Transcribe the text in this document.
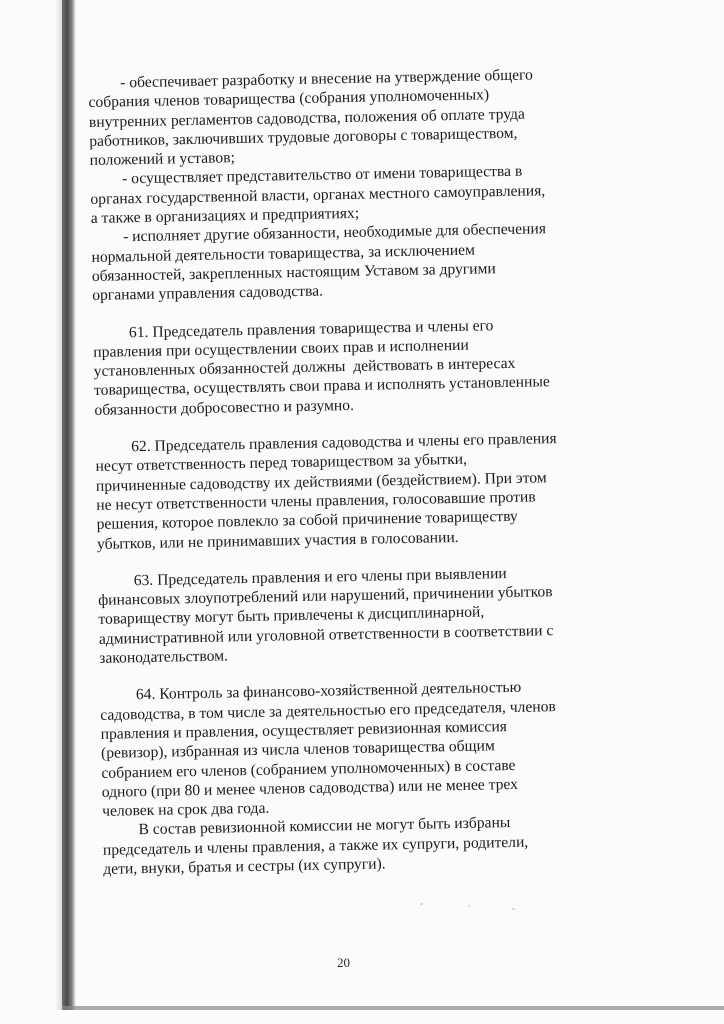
- обеспечивает разработку и внесение на утверждение общего
собрания членов товарищества (собрания уполномоченных)
внутренних регламентов садоводства, положения об оплате труда
работников, заключивших трудовые договоры с товариществом,
положений и уставов;
- осуществляет представительство от имени товарищества в
органах государственной власти, органах местного самоуправления,
а также в организациях и предприятиях;
- исполняет другие обязанности, необходимые для обеспечения
нормальной деятельности товарищества, за исключением
обязанностей, закрепленных настоящим Уставом за другими
органами управления садоводства.
61. Председатель правления товарищества и члены его
правления при осуществлении своих прав и исполнении
установленных обязанностей должны  действовать в интересах
товарищества, осуществлять свои права и исполнять установленные
обязанности добросовестно и разумно.
62. Председатель правления садоводства и члены его правления
несут ответственность перед товариществом за убытки,
причиненные садоводству их действиями (бездействием). При этом
не несут ответственности члены правления, голосовавшие против
решения, которое повлекло за собой причинение товариществу
убытков, или не принимавших участия в голосовании.
63. Председатель правления и его члены при выявлении
финансовых злоупотреблений или нарушений, причинении убытков
товариществу могут быть привлечены к дисциплинарной,
административной или уголовной ответственности в соответствии с
законодательством.
64. Контроль за финансово-хозяйственной деятельностью
садоводства, в том числе за деятельностью его председателя, членов
правления и правления, осуществляет ревизионная комиссия
(ревизор), избранная из числа членов товарищества общим
собранием его членов (собранием уполномоченных) в составе
одного (при 80 и менее членов садоводства) или не менее трех
человек на срок два года.
В состав ревизионной комиссии не могут быть избраны
председатель и члены правления, а также их супруги, родители,
дети, внуки, братья и сестры (их супруги).
20
